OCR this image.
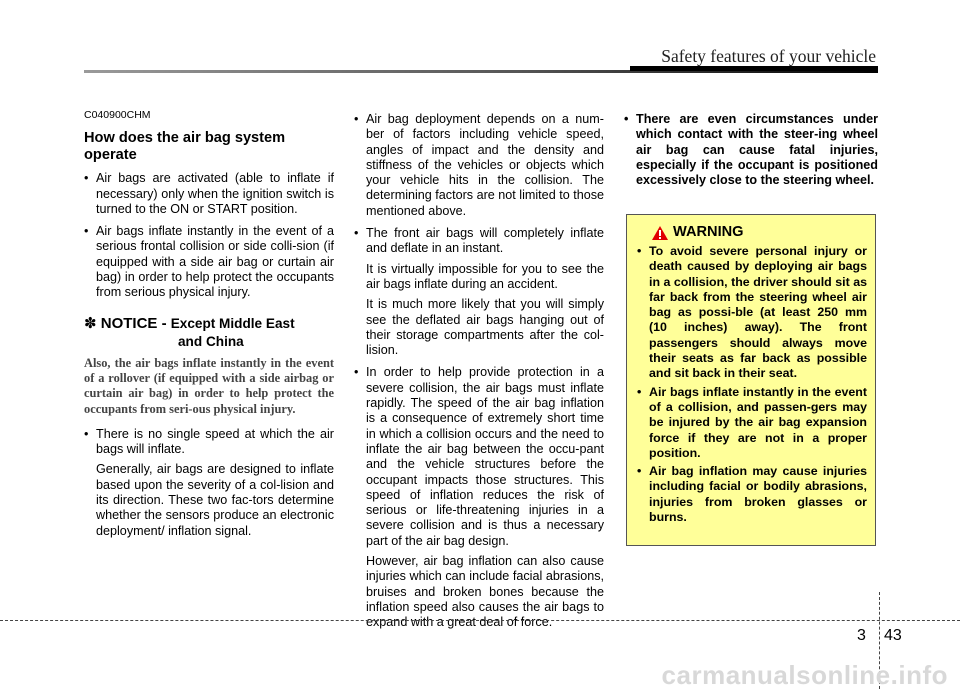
Safety features of your vehicle
C040900CHM
How does the air bag system operate
• Air bags are activated (able to inflate if necessary) only when the ignition switch is turned to the ON or START position.
• Air bags inflate instantly in the event of a serious frontal collision or side colli-sion (if equipped with a side air bag or curtain air bag) in order to help protect the occupants from serious physical injury.
✽ NOTICE - Except Middle East
and China
Also, the air bags inflate instantly in the event of a rollover (if equipped with a side airbag or curtain air bag) in order to help protect the occupants from seri-ous physical injury.
• There is no single speed at which the air bags will inflate.
Generally, air bags are designed to inflate based upon the severity of a col-lision and its direction. These two fac-tors determine whether the sensors produce an electronic deployment/ inflation signal.
• Air bag deployment depends on a num-ber of factors including vehicle speed, angles of impact and the density and stiffness of the vehicles or objects which your vehicle hits in the collision. The determining factors are not limited to those mentioned above.
• The front air bags will completely inflate and deflate in an instant.
It is virtually impossible for you to see the air bags inflate during an accident.
It is much more likely that you will simply see the deflated air bags hanging out of their storage compartments after the col-lision.
• In order to help provide protection in a severe collision, the air bags must inflate rapidly. The speed of the air bag inflation is a consequence of extremely short time in which a collision occurs and the need to inflate the air bag between the occu-pant and the vehicle structures before the occupant impacts those structures. This speed of inflation reduces the risk of serious or life-threatening injuries in a severe collision and is thus a necessary part of the air bag design.
However, air bag inflation can also cause injuries which can include facial abrasions, bruises and broken bones because the inflation speed also causes the air bags to expand with a great deal of force.
• There are even circumstances under which contact with the steer-ing wheel air bag can cause fatal injuries, especially if the occupant is positioned excessively close to the steering wheel.
WARNING
• To avoid severe personal injury or death caused by deploying air bags in a collision, the driver should sit as far back from the steering wheel air bag as possi-ble (at least 250 mm (10 inches) away). The front passengers should always move their seats as far back as possible and sit back in their seat.
• Air bags inflate instantly in the event of a collision, and passen-gers may be injured by the air bag expansion force if they are not in a proper position.
• Air bag inflation may cause injuries including facial or bodily abrasions, injuries from broken glasses or burns.
3 43
carmanualsonline.info
